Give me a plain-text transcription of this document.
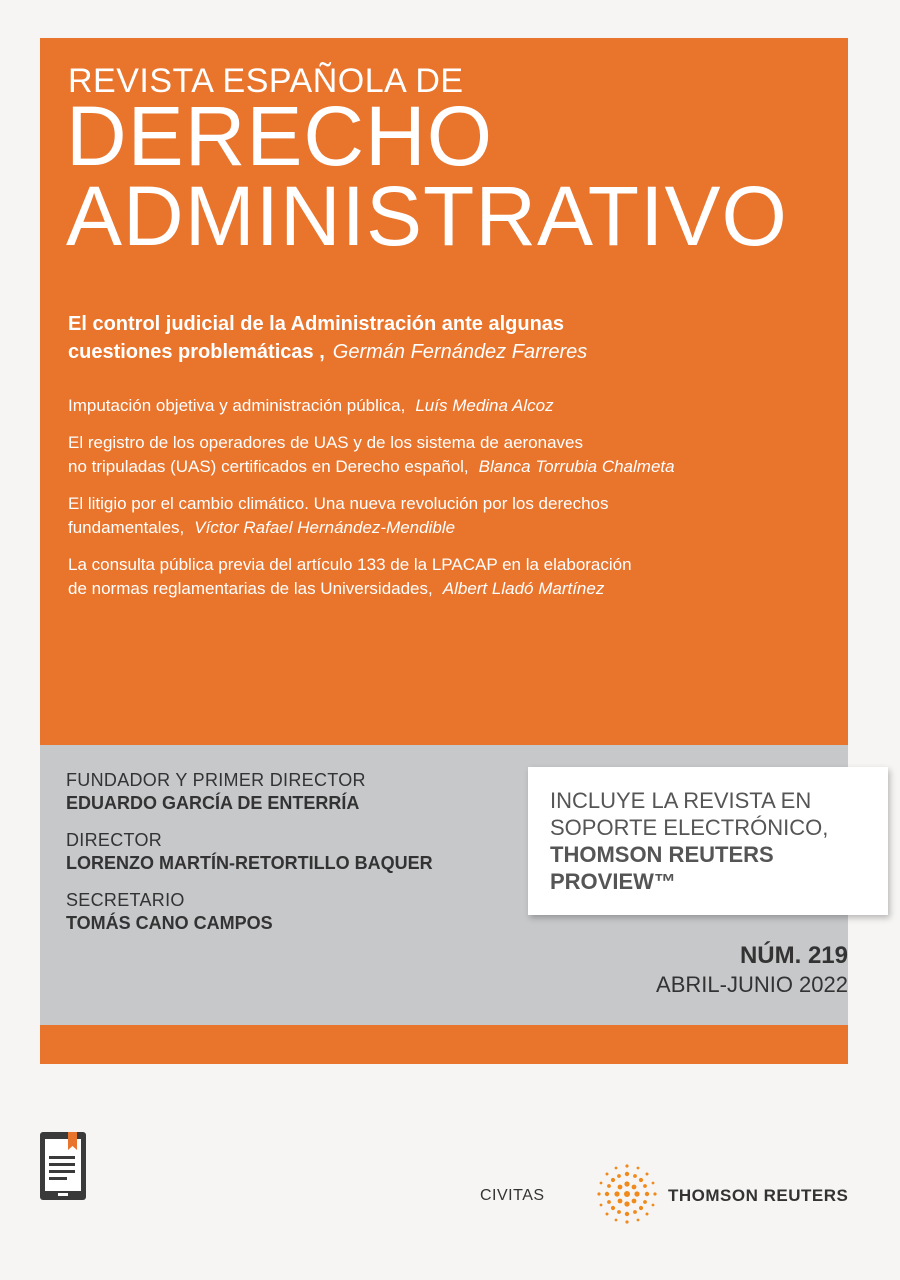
REVISTA ESPAÑOLA DE
DERECHO
ADMINISTRATIVO

El control judicial de la Administración ante algunas
cuestiones problemáticas , Germán Fernández Farreres

Imputación objetiva y administración pública, Luís Medina Alcoz

El registro de los operadores de UAS y de los sistema de aeronaves
no tripuladas (UAS) certificados en Derecho español, Blanca Torrubia Chalmeta

El litigio por el cambio climático. Una nueva revolución por los derechos
fundamentales, Víctor Rafael Hernández-Mendible

La consulta pública previa del artículo 133 de la LPACAP en la elaboración
de normas reglamentarias de las Universidades, Albert Lladó Martínez

FUNDADOR Y PRIMER DIRECTOR

EDUARDO GARCÍA DE ENTERRÍA

DIRECTOR

LORENZO MARTÍN-RETORTILLO BAQUER

SECRETARIO

TOMÁS CANO CAMPOS

INCLUYE LA REVISTA EN
SOPORTE ELECTRÓNICO,
THOMSON REUTERS
PROVIEW™
NÚM. 219
ABRIL-JUNIO 2022
CIVITAS	THOMSON REUTERS
